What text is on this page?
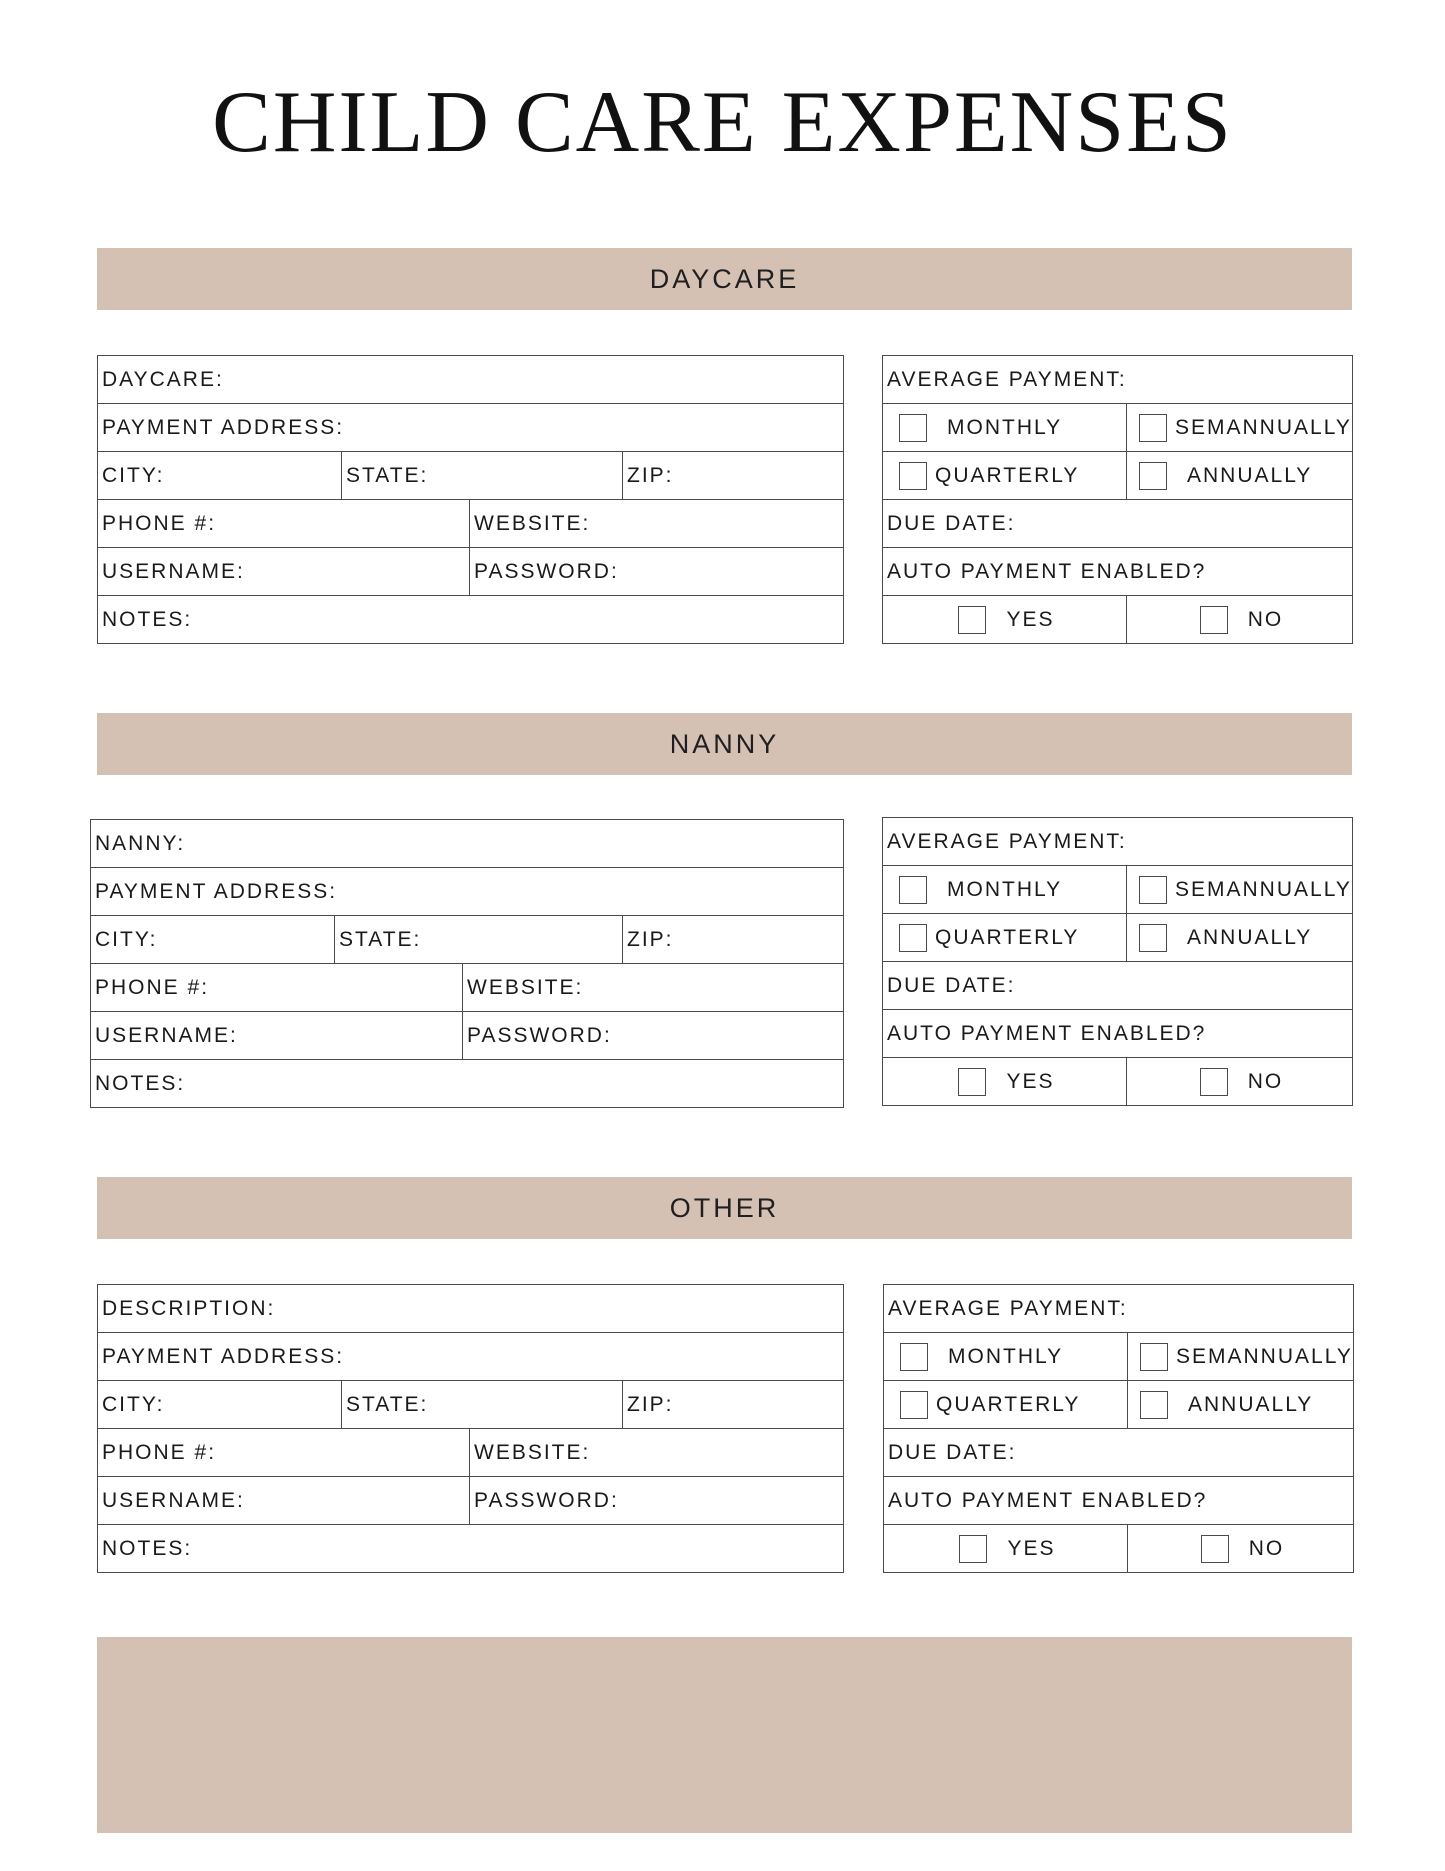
CHILD CARE EXPENSES
DAYCARE
DAYCARE:			
PAYMENT ADDRESS:			
CITY:	STATE:		ZIP:
PHONE #:		WEBSITE:	
USERNAME:		PASSWORD:	
NOTES:			
AVERAGE PAYMENT:	

MONTHLY	SEMANNUALLY

QUARTERLY	ANNUALLY

DUE DATE:	
AUTO PAYMENT ENABLED?	

YES	NO
NANNY
NANNY:			
PAYMENT ADDRESS:			
CITY:	STATE:		ZIP:
PHONE #:		WEBSITE:	
USERNAME:		PASSWORD:	
NOTES:			
AVERAGE PAYMENT:	

MONTHLY	SEMANNUALLY

QUARTERLY	ANNUALLY

DUE DATE:	
AUTO PAYMENT ENABLED?	

YES	NO
OTHER
DESCRIPTION:			
PAYMENT ADDRESS:			
CITY:	STATE:		ZIP:
PHONE #:		WEBSITE:	
USERNAME:		PASSWORD:	
NOTES:			
AVERAGE PAYMENT:	

MONTHLY	SEMANNUALLY

QUARTERLY	ANNUALLY

DUE DATE:	
AUTO PAYMENT ENABLED?	

YES	NO
